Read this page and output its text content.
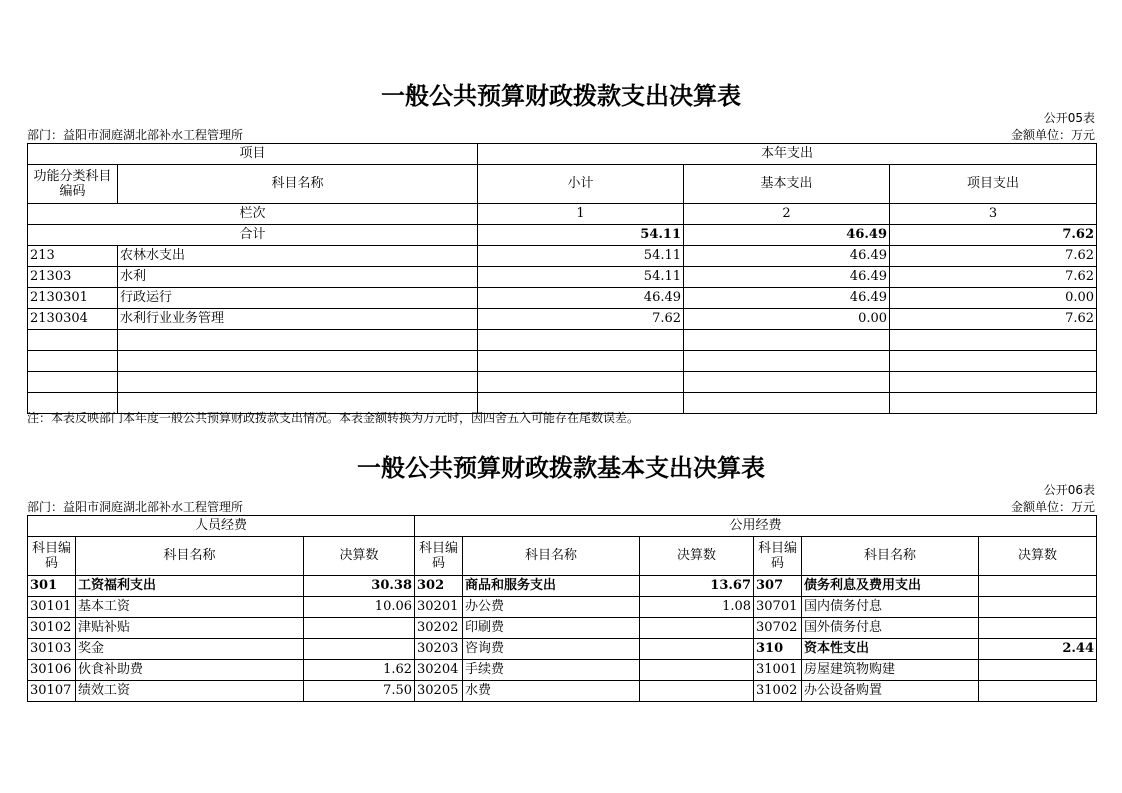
一般公共预算财政拨款支出决算表
公开05表
部门：益阳市洞庭湖北部补水工程管理所	金额单位：万元
项目		本年支出		
功能分类科目编码	科目名称	小计	基本支出	项目支出
栏次		1	2	3
合计		54.11	46.49	7.62
213	农林水支出	54.11	46.49	7.62
21303	水利	54.11	46.49	7.62
2130301	行政运行	46.49	46.49	0.00
2130304	水利行业业务管理	7.62	0.00	7.62

注：本表反映部门本年度一般公共预算财政拨款支出情况。本表金额转换为万元时，因四舍五入可能存在尾数误差。
一般公共预算财政拨款基本支出决算表
公开06表
部门：益阳市洞庭湖北部补水工程管理所	金额单位：万元
人员经费			公用经费					
科目编码	科目名称	决算数	科目编码	科目名称	决算数	科目编码	科目名称	决算数
301	工资福利支出	30.38	302	商品和服务支出	13.67	307	债务利息及费用支出	
30101	基本工资	10.06	30201	办公费	1.08	30701	国内债务付息	
30102	津贴补贴		30202	印刷费		30702	国外债务付息	
30103	奖金		30203	咨询费		310	资本性支出	2.44
30106	伙食补助费	1.62	30204	手续费		31001	房屋建筑物购建	
30107	绩效工资	7.50	30205	水费		31002	办公设备购置	
